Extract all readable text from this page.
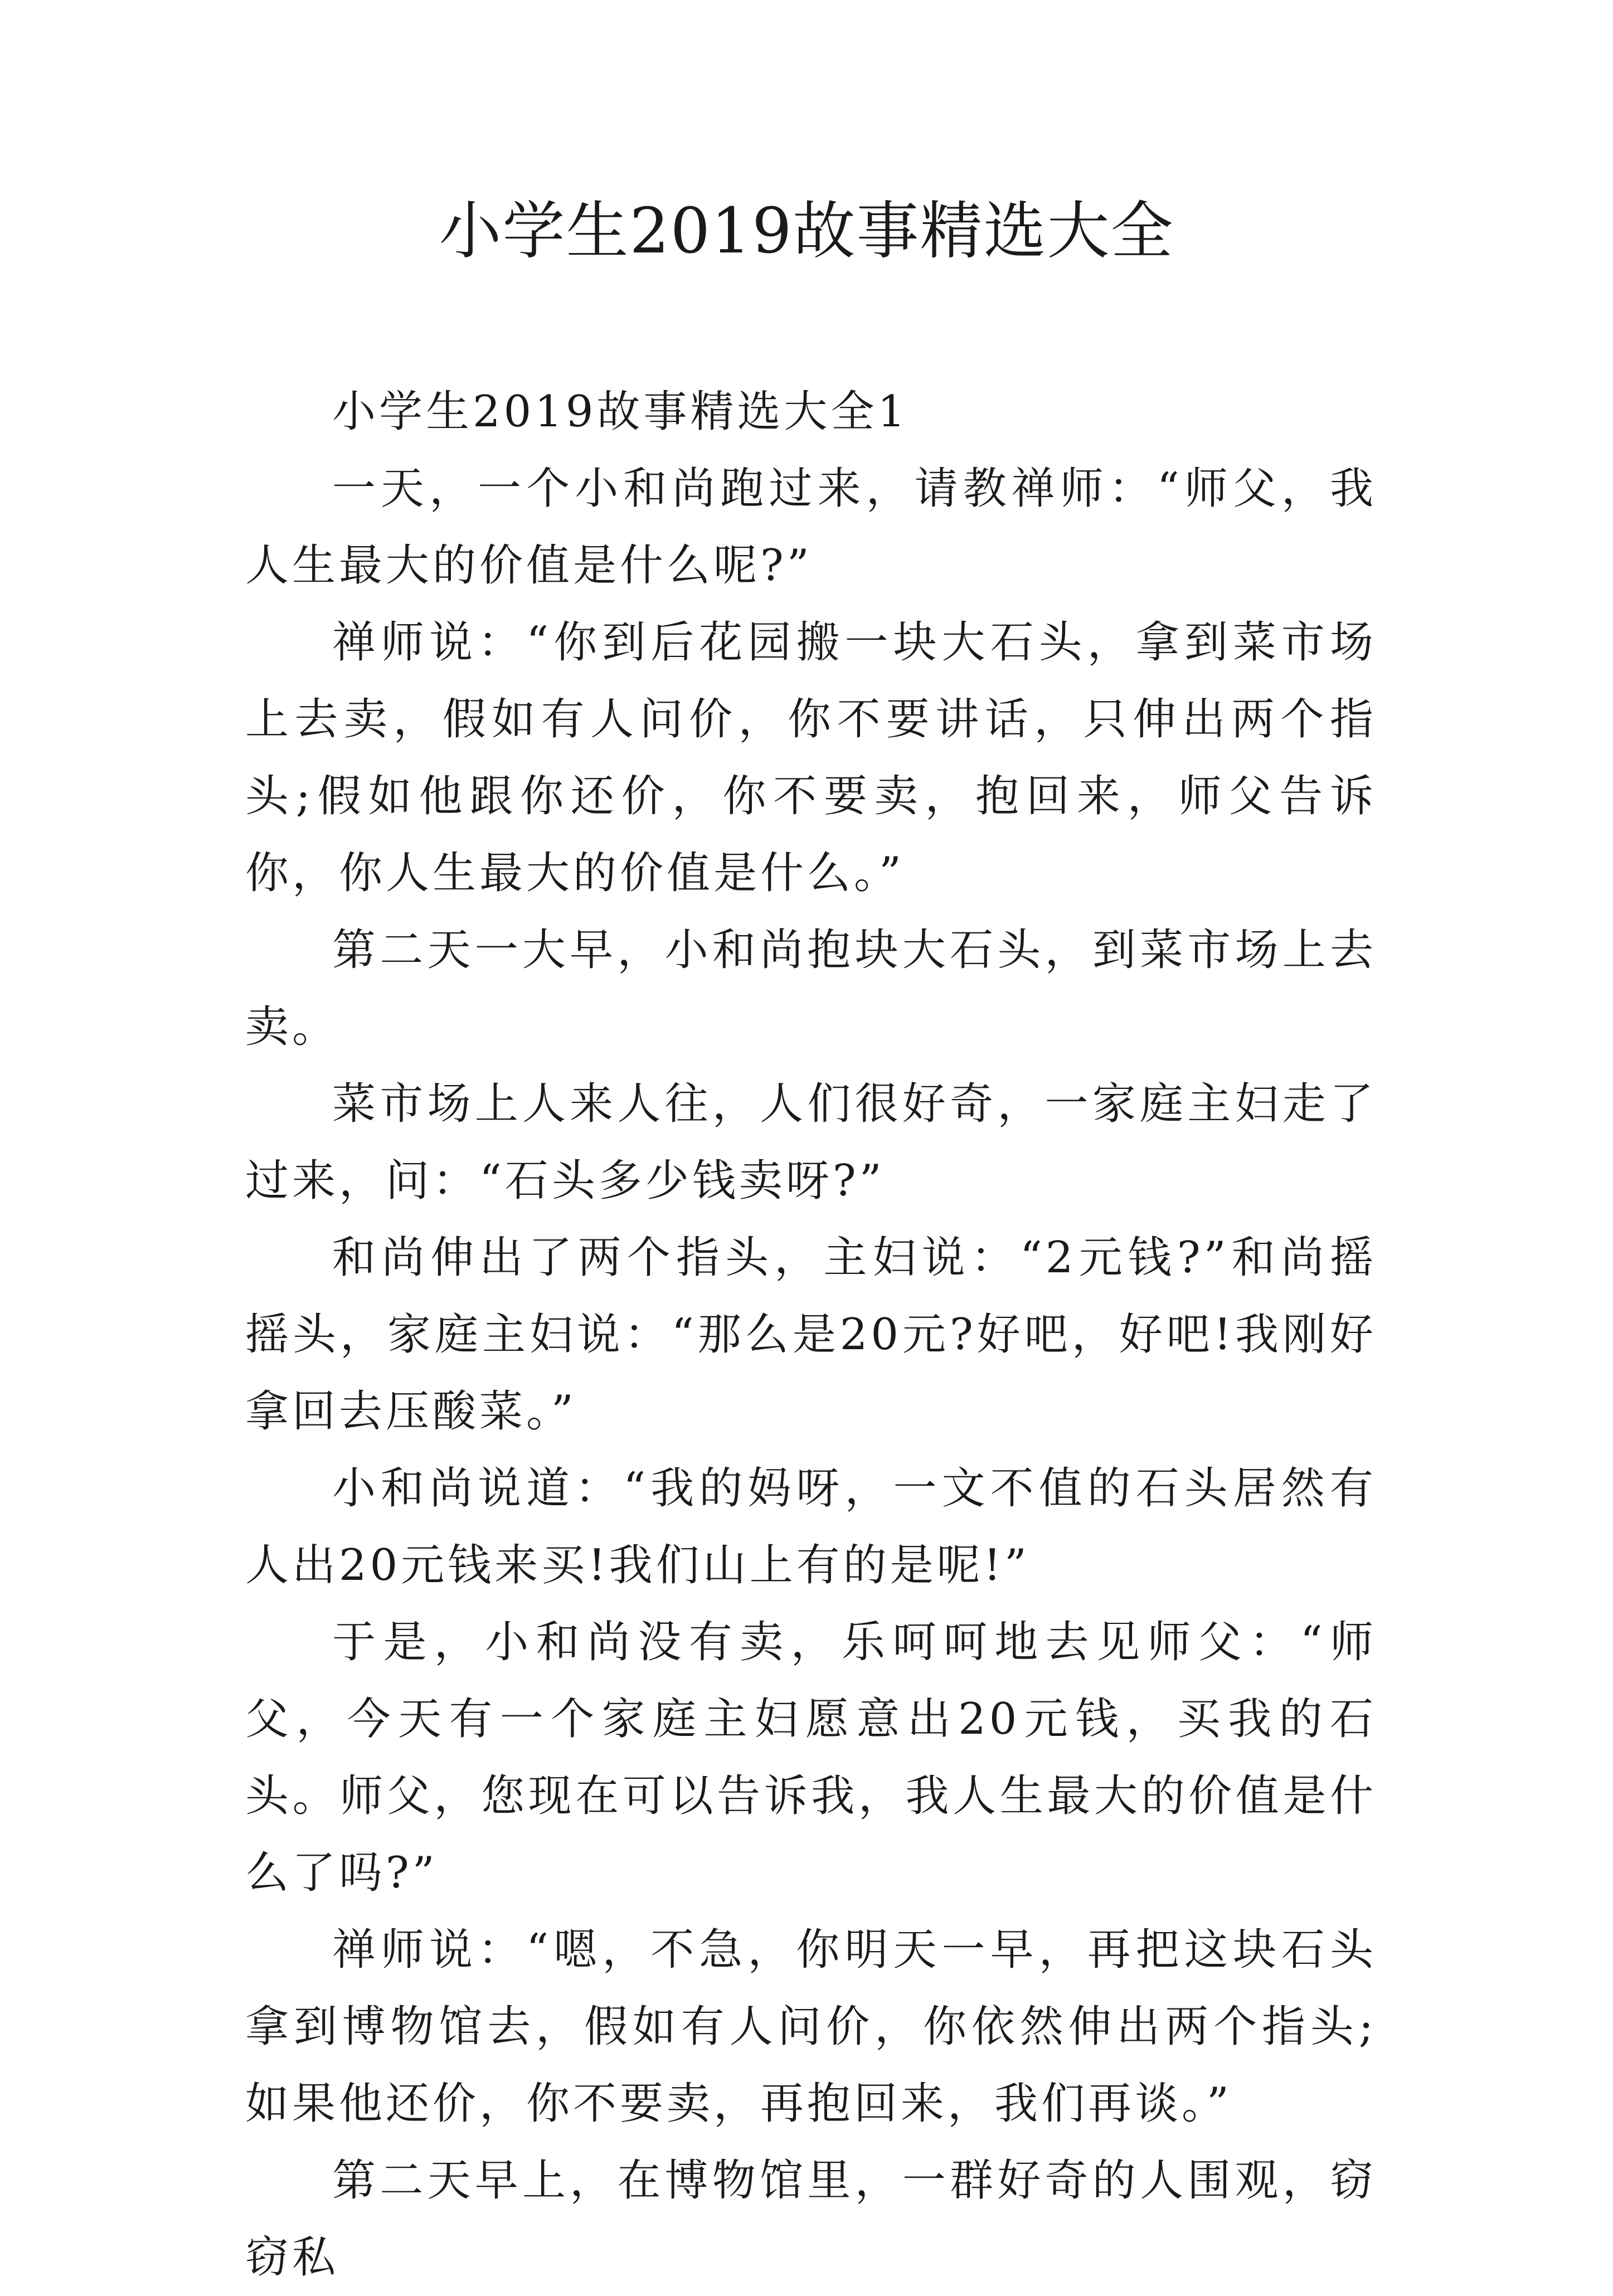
小学生2019故事精选大全

小学生2019故事精选大全1

一天，一个小和尚跑过来，请教禅师：“师父，我人生最大的价值是什么呢?”

禅师说：“你到后花园搬一块大石头，拿到菜市场上去卖，假如有人问价，你不要讲话，只伸出两个指头;假如他跟你还价，你不要卖，抱回来，师父告诉你，你人生最大的价值是什么。”

第二天一大早，小和尚抱块大石头，到菜市场上去卖。

菜市场上人来人往，人们很好奇，一家庭主妇走了过来，问：“石头多少钱卖呀?”

和尚伸出了两个指头，主妇说：“2元钱?”和尚摇摇头，家庭主妇说：“那么是20元?好吧，好吧!我刚好拿回去压酸菜。”

小和尚说道：“我的妈呀，一文不值的石头居然有人出20元钱来买!我们山上有的是呢!”

于是，小和尚没有卖，乐呵呵地去见师父：“师父，今天有一个家庭主妇愿意出20元钱，买我的石头。师父，您现在可以告诉我，我人生最大的价值是什么了吗?”

禅师说：“嗯，不急，你明天一早，再把这块石头拿到博物馆去，假如有人问价，你依然伸出两个指头;如果他还价，你不要卖，再抱回来，我们再谈。”

第二天早上，在博物馆里，一群好奇的人围观，窃窃私
